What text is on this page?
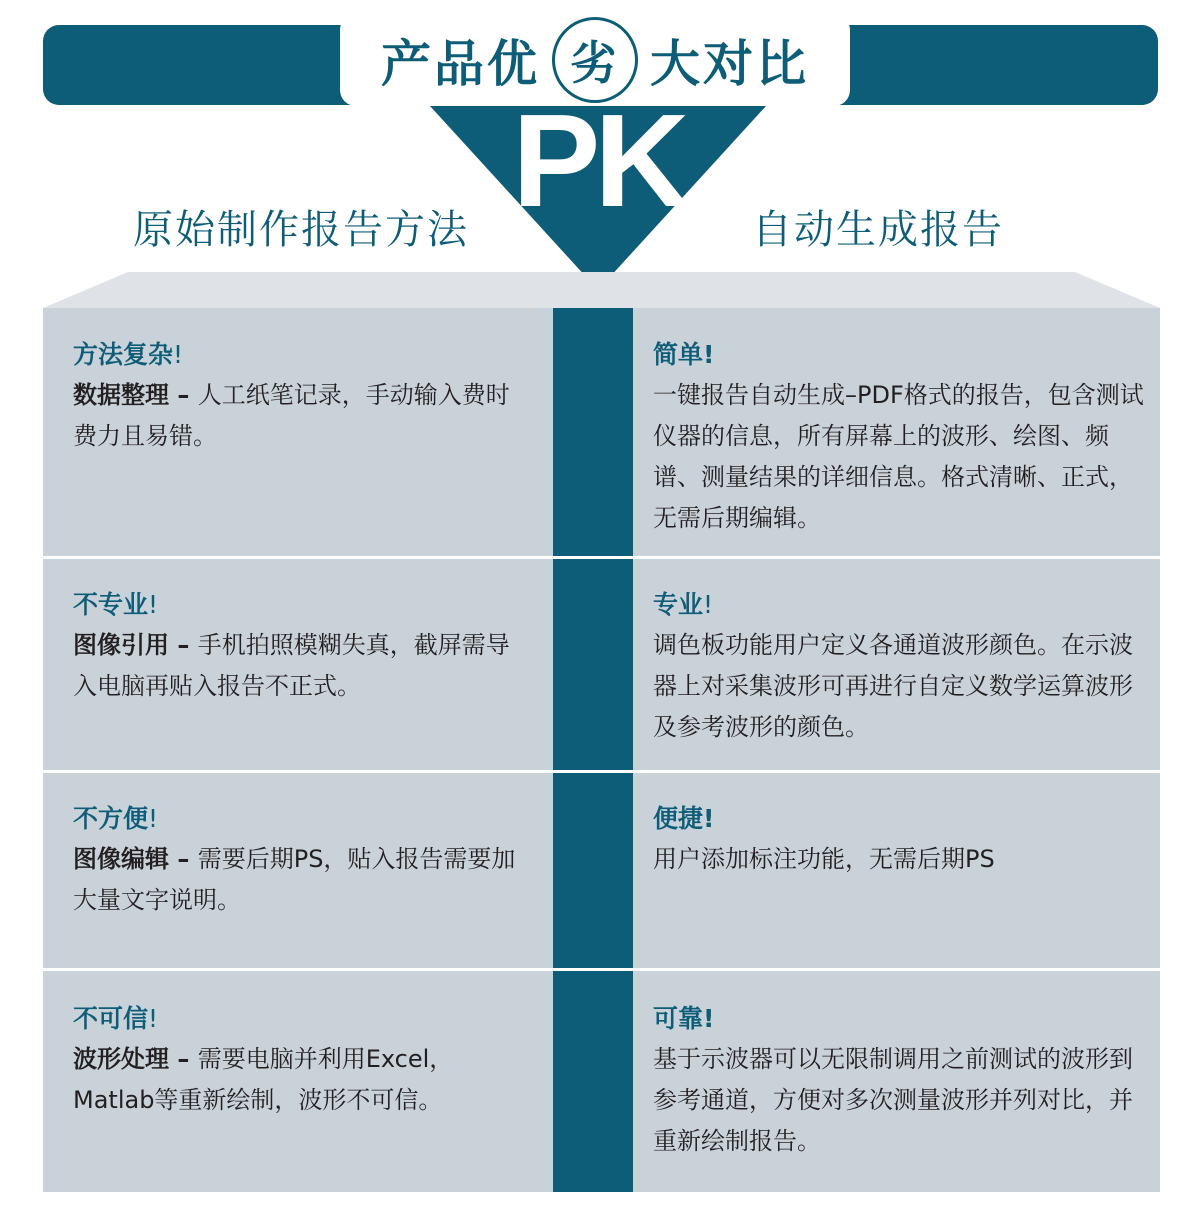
产品优 劣 大对比
PK
原始制作报告方法	自动生成报告
方法复杂!
数据整理 – 人工纸笔记录，手动输入费时费力且易错。
简单!
一键报告自动生成–PDF格式的报告，包含测试仪器的信息，所有屏幕上的波形、绘图、频谱、测量结果的详细信息。格式清晰、正式，无需后期编辑。
不专业!
图像引用 – 手机拍照模糊失真，截屏需导入电脑再贴入报告不正式。
专业!
调色板功能用户定义各通道波形颜色。在示波器上对采集波形可再进行自定义数学运算波形及参考波形的颜色。
不方便!
图像编辑 – 需要后期PS，贴入报告需要加大量文字说明。
便捷!
用户添加标注功能，无需后期PS
不可信!
波形处理 – 需要电脑并利用Excel，Matlab等重新绘制，波形不可信。
可靠!
基于示波器可以无限制调用之前测试的波形到参考通道，方便对多次测量波形并列对比，并重新绘制报告。
